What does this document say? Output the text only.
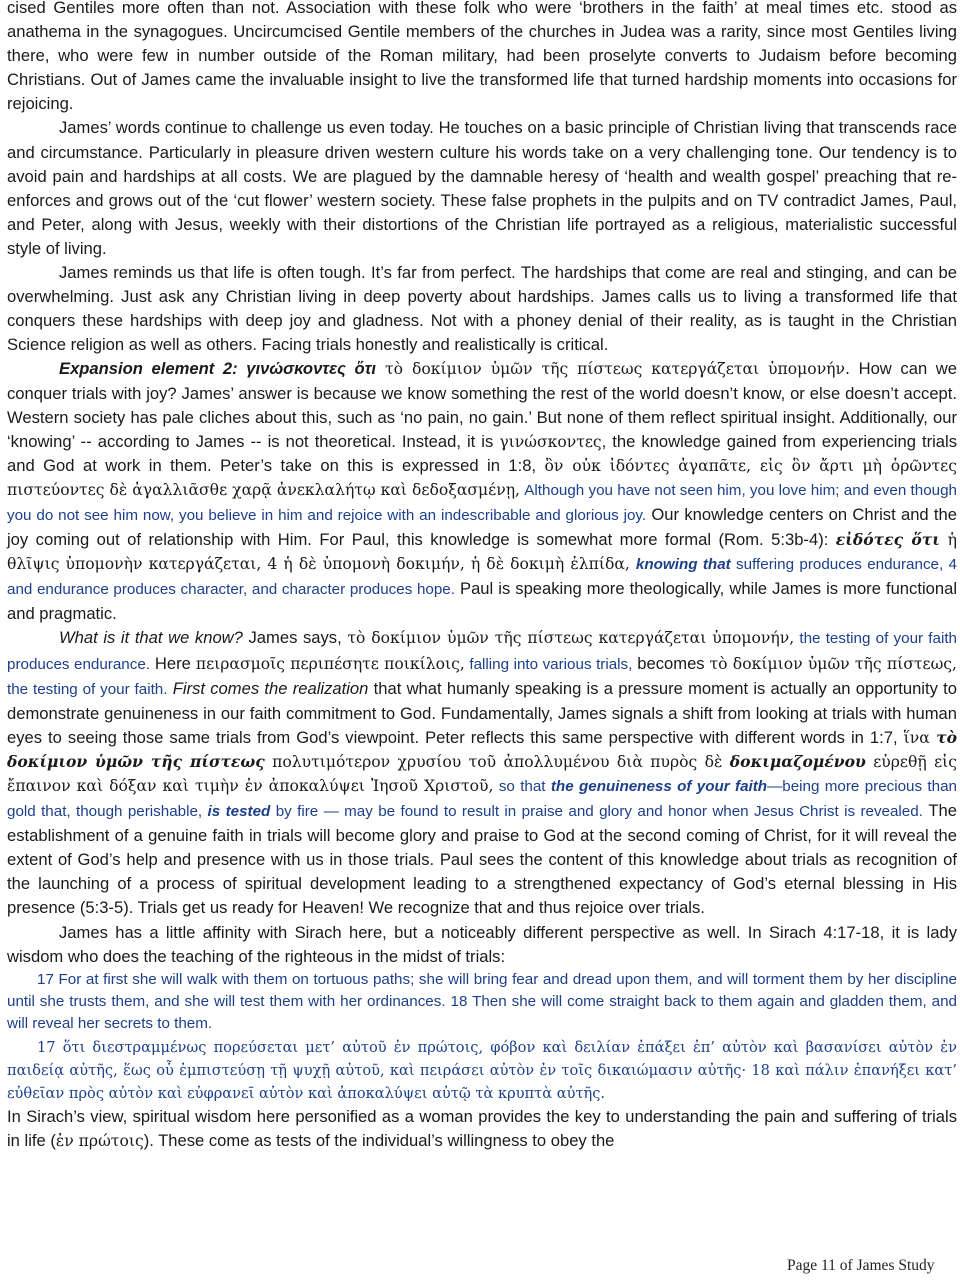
cised Gentiles more often than not. Association with these folk who were ‘brothers in the faith’ at meal times etc. stood as anathema in the synagogues. Uncircumcised Gentile members of the churches in Judea was a rarity, since most Gentiles living there, who were few in number outside of the Roman military, had been proselyte converts to Judaism before becoming Christians. Out of James came the invaluable insight to live the transformed life that turned hardship moments into occasions for rejoicing.

James’ words continue to challenge us even today. He touches on a basic principle of Christian living that transcends race and circumstance. Particularly in pleasure driven western culture his words take on a very challenging tone. Our tendency is to avoid pain and hardships at all costs. We are plagued by the damnable heresy of ‘health and wealth gospel’ preaching that re-enforces and grows out of the ‘cut flower’ western society. These false prophets in the pulpits and on TV contradict James, Paul, and Peter, along with Jesus, weekly with their distortions of the Christian life portrayed as a religious, materialistic successful style of living.

James reminds us that life is often tough. It’s far from perfect. The hardships that come are real and stinging, and can be overwhelming. Just ask any Christian living in deep poverty about hardships. James calls us to living a transformed life that conquers these hardships with deep joy and gladness. Not with a phoney denial of their reality, as is taught in the Christian Science religion as well as others. Facing trials honestly and realistically is critical.

Expansion element 2: γινώσκοντες ὅτι τὸ δοκίμιον ὑμῶν τῆς πίστεως κατεργάζεται ὑπομονήν. How can we conquer trials with joy? James’ answer is because we know something the rest of the world doesn’t know, or else doesn’t accept. Western society has pale cliches about this, such as ‘no pain, no gain.’ But none of them reflect spiritual insight. Additionally, our ‘knowing’ -- according to James -- is not theoretical. Instead, it is γινώσκοντες, the knowledge gained from experiencing trials and God at work in them. Peter’s take on this is expressed in 1:8, ὃν οὐκ ἰδόντες ἀγαπᾶτε, εἰς ὃν ἄρτι μὴ ὁρῶντες πιστεύοντες δὲ ἀγαλλιᾶσθε χαρᾷ ἀνεκλαλήτῳ καὶ δεδοξασμένῃ, Although you have not seen him, you love him; and even though you do not see him now, you believe in him and rejoice with an indescribable and glorious joy. Our knowledge centers on Christ and the joy coming out of relationship with Him. For Paul, this knowledge is somewhat more formal (Rom. 5:3b-4): εἰδότες ὅτι ἡ θλῖψις ὑπομονὴν κατεργάζεται, 4 ἡ δὲ ὑπομονὴ δοκιμήν, ἡ δὲ δοκιμὴ ἐλπίδα, knowing that suffering produces endurance, 4 and endurance produces character, and character produces hope. Paul is speaking more theologically, while James is more functional and pragmatic.

What is it that we know? James says, τὸ δοκίμιον ὑμῶν τῆς πίστεως κατεργάζεται ὑπομονήν, the testing of your faith produces endurance. Here πειρασμοῖς περιπέσητε ποικίλοις, falling into various trials, becomes τὸ δοκίμιον ὑμῶν τῆς πίστεως, the testing of your faith. First comes the realization that what humanly speaking is a pressure moment is actually an opportunity to demonstrate genuineness in our faith commitment to God. Fundamentally, James signals a shift from looking at trials with human eyes to seeing those same trials from God’s viewpoint. Peter reflects this same perspective with different words in 1:7, ἵνα τὸ δοκίμιον ὑμῶν τῆς πίστεως πολυτιμότερον χρυσίου τοῦ ἀπολλυμένου διὰ πυρὸς δὲ δοκιμαζομένου εὑρεθῇ εἰς ἔπαινον καὶ δόξαν καὶ τιμὴν ἐν ἀποκαλύψει Ἰησοῦ Χριστοῦ, so that the genuineness of your faith—being more precious than gold that, though perishable, is tested by fire — may be found to result in praise and glory and honor when Jesus Christ is revealed. The establishment of a genuine faith in trials will become glory and praise to God at the second coming of Christ, for it will reveal the extent of God’s help and presence with us in those trials. Paul sees the content of this knowledge about trials as recognition of the launching of a process of spiritual development leading to a strengthened expectancy of God’s eternal blessing in His presence (5:3-5). Trials get us ready for Heaven! We recognize that and thus rejoice over trials.

James has a little affinity with Sirach here, but a noticeably different perspective as well. In Sirach 4:17-18, it is lady wisdom who does the teaching of the righteous in the midst of trials:

17 For at first she will walk with them on tortuous paths; she will bring fear and dread upon them, and will torment them by her discipline until she trusts them, and she will test them with her ordinances. 18 Then she will come straight back to them again and gladden them, and will reveal her secrets to them.

17 ὅτι διεστραμμένως πορεύσεται μετ’ αὐτοῦ ἐν πρώτοις, φόβον καὶ δειλίαν ἐπάξει ἐπ’ αὐτὸν καὶ βασανίσει αὐτὸν ἐν παιδείᾳ αὐτῆς, ἕως οὗ ἐμπιστεύσῃ τῇ ψυχῇ αὐτοῦ, καὶ πειράσει αὐτὸν ἐν τοῖς δικαιώμασιν αὐτῆς· 18 καὶ πάλιν ἐπανήξει κατ’ εὐθεῖαν πρὸς αὐτὸν καὶ εὐφρανεῖ αὐτὸν καὶ ἀποκαλύψει αὐτῷ τὰ κρυπτὰ αὐτῆς.

In Sirach’s view, spiritual wisdom here personified as a woman provides the key to understanding the pain and suffering of trials in life (ἐν πρώτοις). These come as tests of the individual’s willingness to obey the

Page 11 of James Study
